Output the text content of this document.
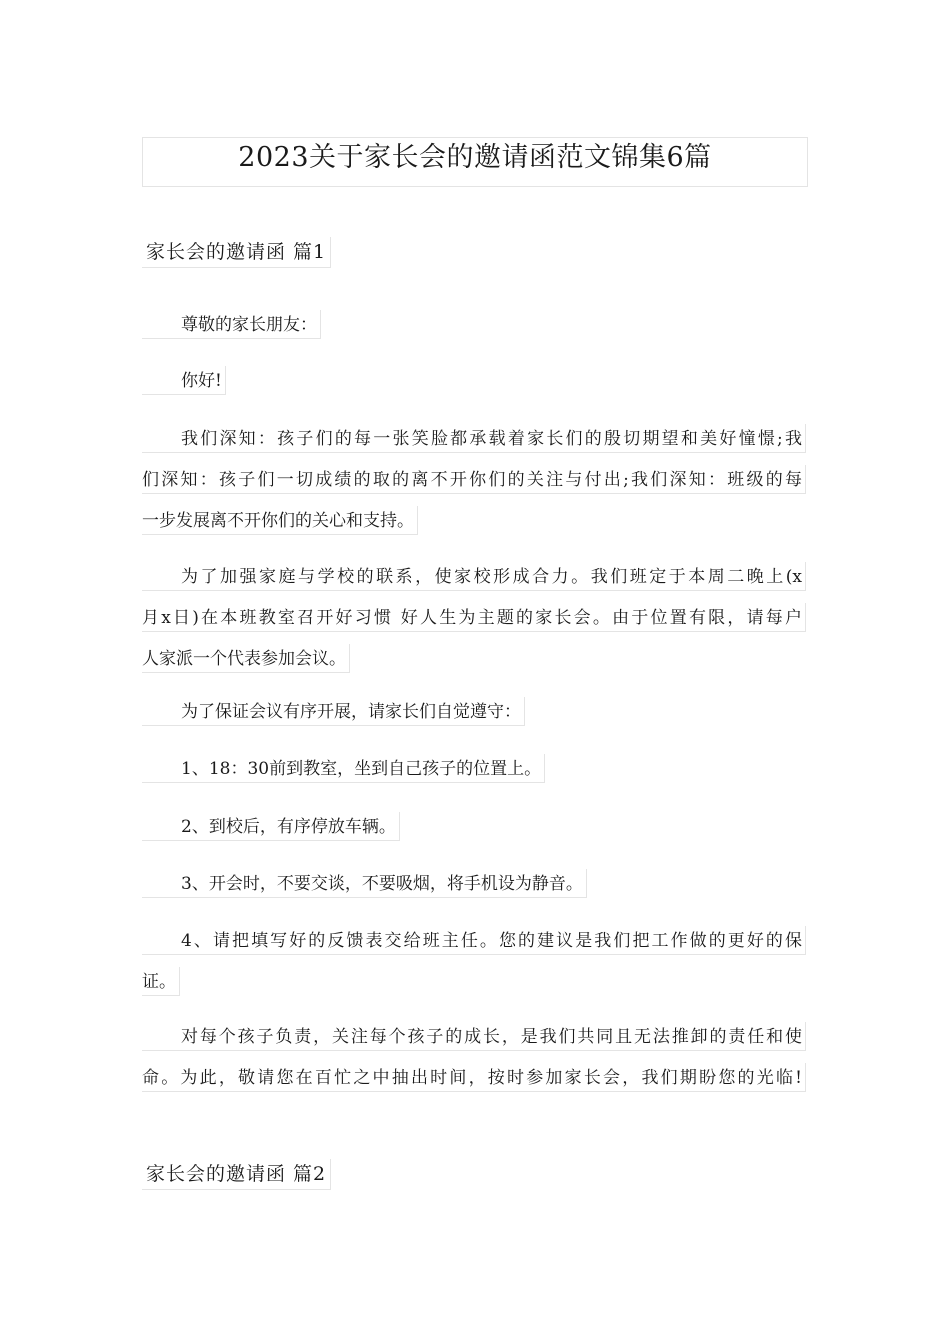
2023关于家长会的邀请函范文锦集6篇
家长会的邀请函 篇1
尊敬的家长朋友：
你好!
我们深知：孩子们的每一张笑脸都承载着家长们的殷切期望和美好憧憬;我
们深知：孩子们一切成绩的取的离不开你们的关注与付出;我们深知：班级的每
一步发展离不开你们的关心和支持。
为了加强家庭与学校的联系，使家校形成合力。我们班定于本周二晚上(x
月x日)在本班教室召开好习惯 好人生为主题的家长会。由于位置有限，请每户
人家派一个代表参加会议。
为了保证会议有序开展，请家长们自觉遵守：
1、18：30前到教室，坐到自己孩子的位置上。
2、到校后，有序停放车辆。
3、开会时，不要交谈，不要吸烟，将手机设为静音。
4、请把填写好的反馈表交给班主任。您的建议是我们把工作做的更好的保
证。
对每个孩子负责，关注每个孩子的成长，是我们共同且无法推卸的责任和使
命。为此，敬请您在百忙之中抽出时间，按时参加家长会，我们期盼您的光临!
家长会的邀请函 篇2
